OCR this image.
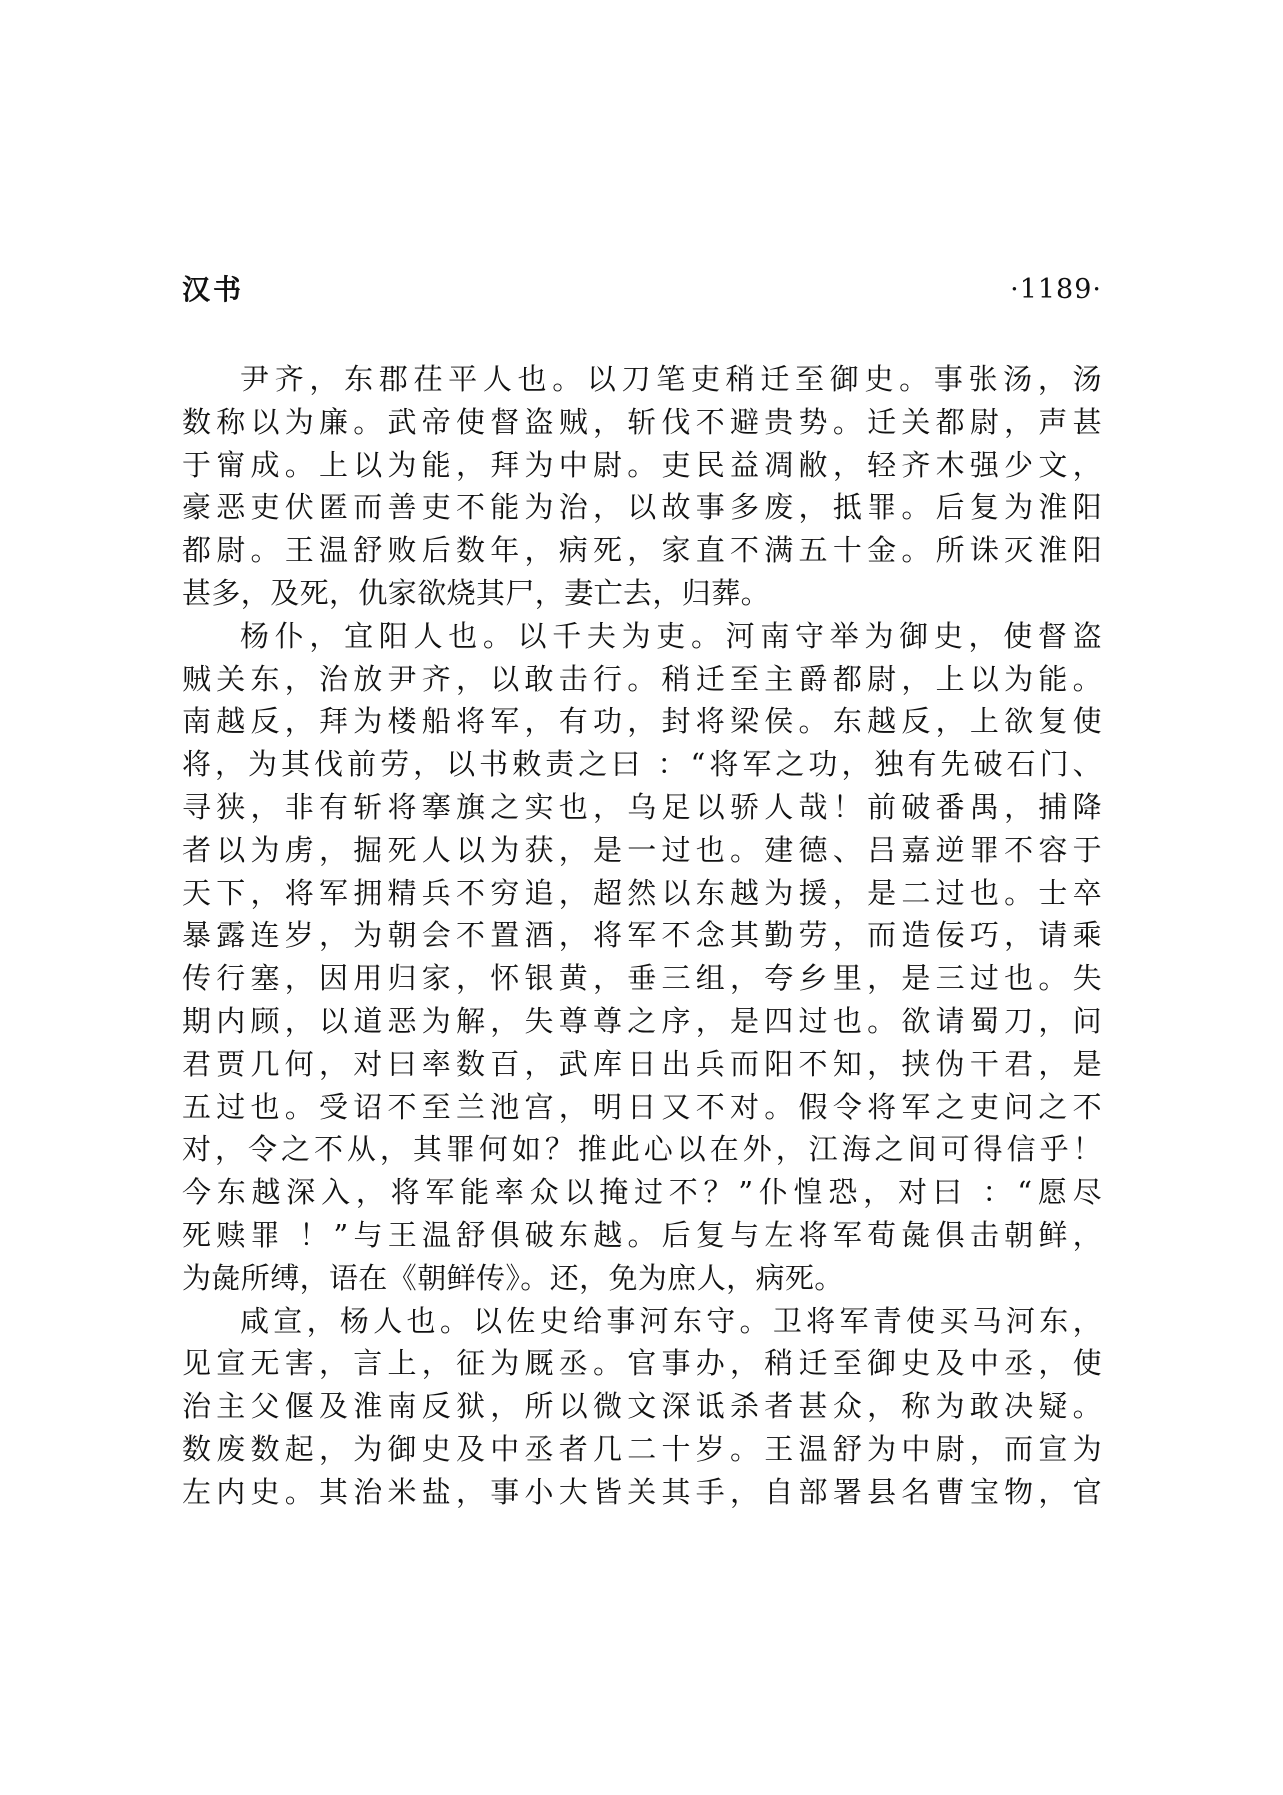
汉书	·1189·
尹齐，东郡茌平人也。以刀笔吏稍迁至御史。事张汤，汤
数称以为廉。武帝使督盗贼，斩伐不避贵势。迁关都尉，声甚
于甯成。上以为能，拜为中尉。吏民益凋敝，轻齐木强少文，
豪恶吏伏匿而善吏不能为治，以故事多废，抵罪。后复为淮阳
都尉。王温舒败后数年，病死，家直不满五十金。所诛灭淮阳
甚多，及死，仇家欲烧其尸，妻亡去，归葬。
杨仆，宜阳人也。以千夫为吏。河南守举为御史，使督盗
贼关东，治放尹齐，以敢击行。稍迁至主爵都尉，上以为能。
南越反，拜为楼船将军，有功，封将梁侯。东越反，上欲复使
将，为其伐前劳，以书敕责之曰 ：“将军之功，独有先破石门、
寻狭，非有斩将搴旗之实也，乌足以骄人哉！前破番禺，捕降
者以为虏，掘死人以为获，是一过也。建德、吕嘉逆罪不容于
天下，将军拥精兵不穷追，超然以东越为援，是二过也。士卒
暴露连岁，为朝会不置酒，将军不念其勤劳，而造佞巧，请乘
传行塞，因用归家，怀银黄，垂三组，夸乡里，是三过也。失
期内顾，以道恶为解，失尊尊之序，是四过也。欲请蜀刀，问
君贾几何，对曰率数百，武库日出兵而阳不知，挟伪干君，是
五过也。受诏不至兰池宫，明日又不对。假令将军之吏问之不
对，令之不从，其罪何如？推此心以在外，江海之间可得信乎！
今东越深入，将军能率众以掩过不？”仆惶恐，对曰 ：“愿尽
死赎罪 ！”与王温舒俱破东越。后复与左将军荀彘俱击朝鲜，
为彘所缚，语在《朝鲜传》。还，免为庶人，病死。
咸宣，杨人也。以佐史给事河东守。卫将军青使买马河东，
见宣无害，言上，征为厩丞。官事办，稍迁至御史及中丞，使
治主父偃及淮南反狱，所以微文深诋杀者甚众，称为敢决疑。
数废数起，为御史及中丞者几二十岁。王温舒为中尉，而宣为
左内史。其治米盐，事小大皆关其手，自部署县名曹宝物，官
